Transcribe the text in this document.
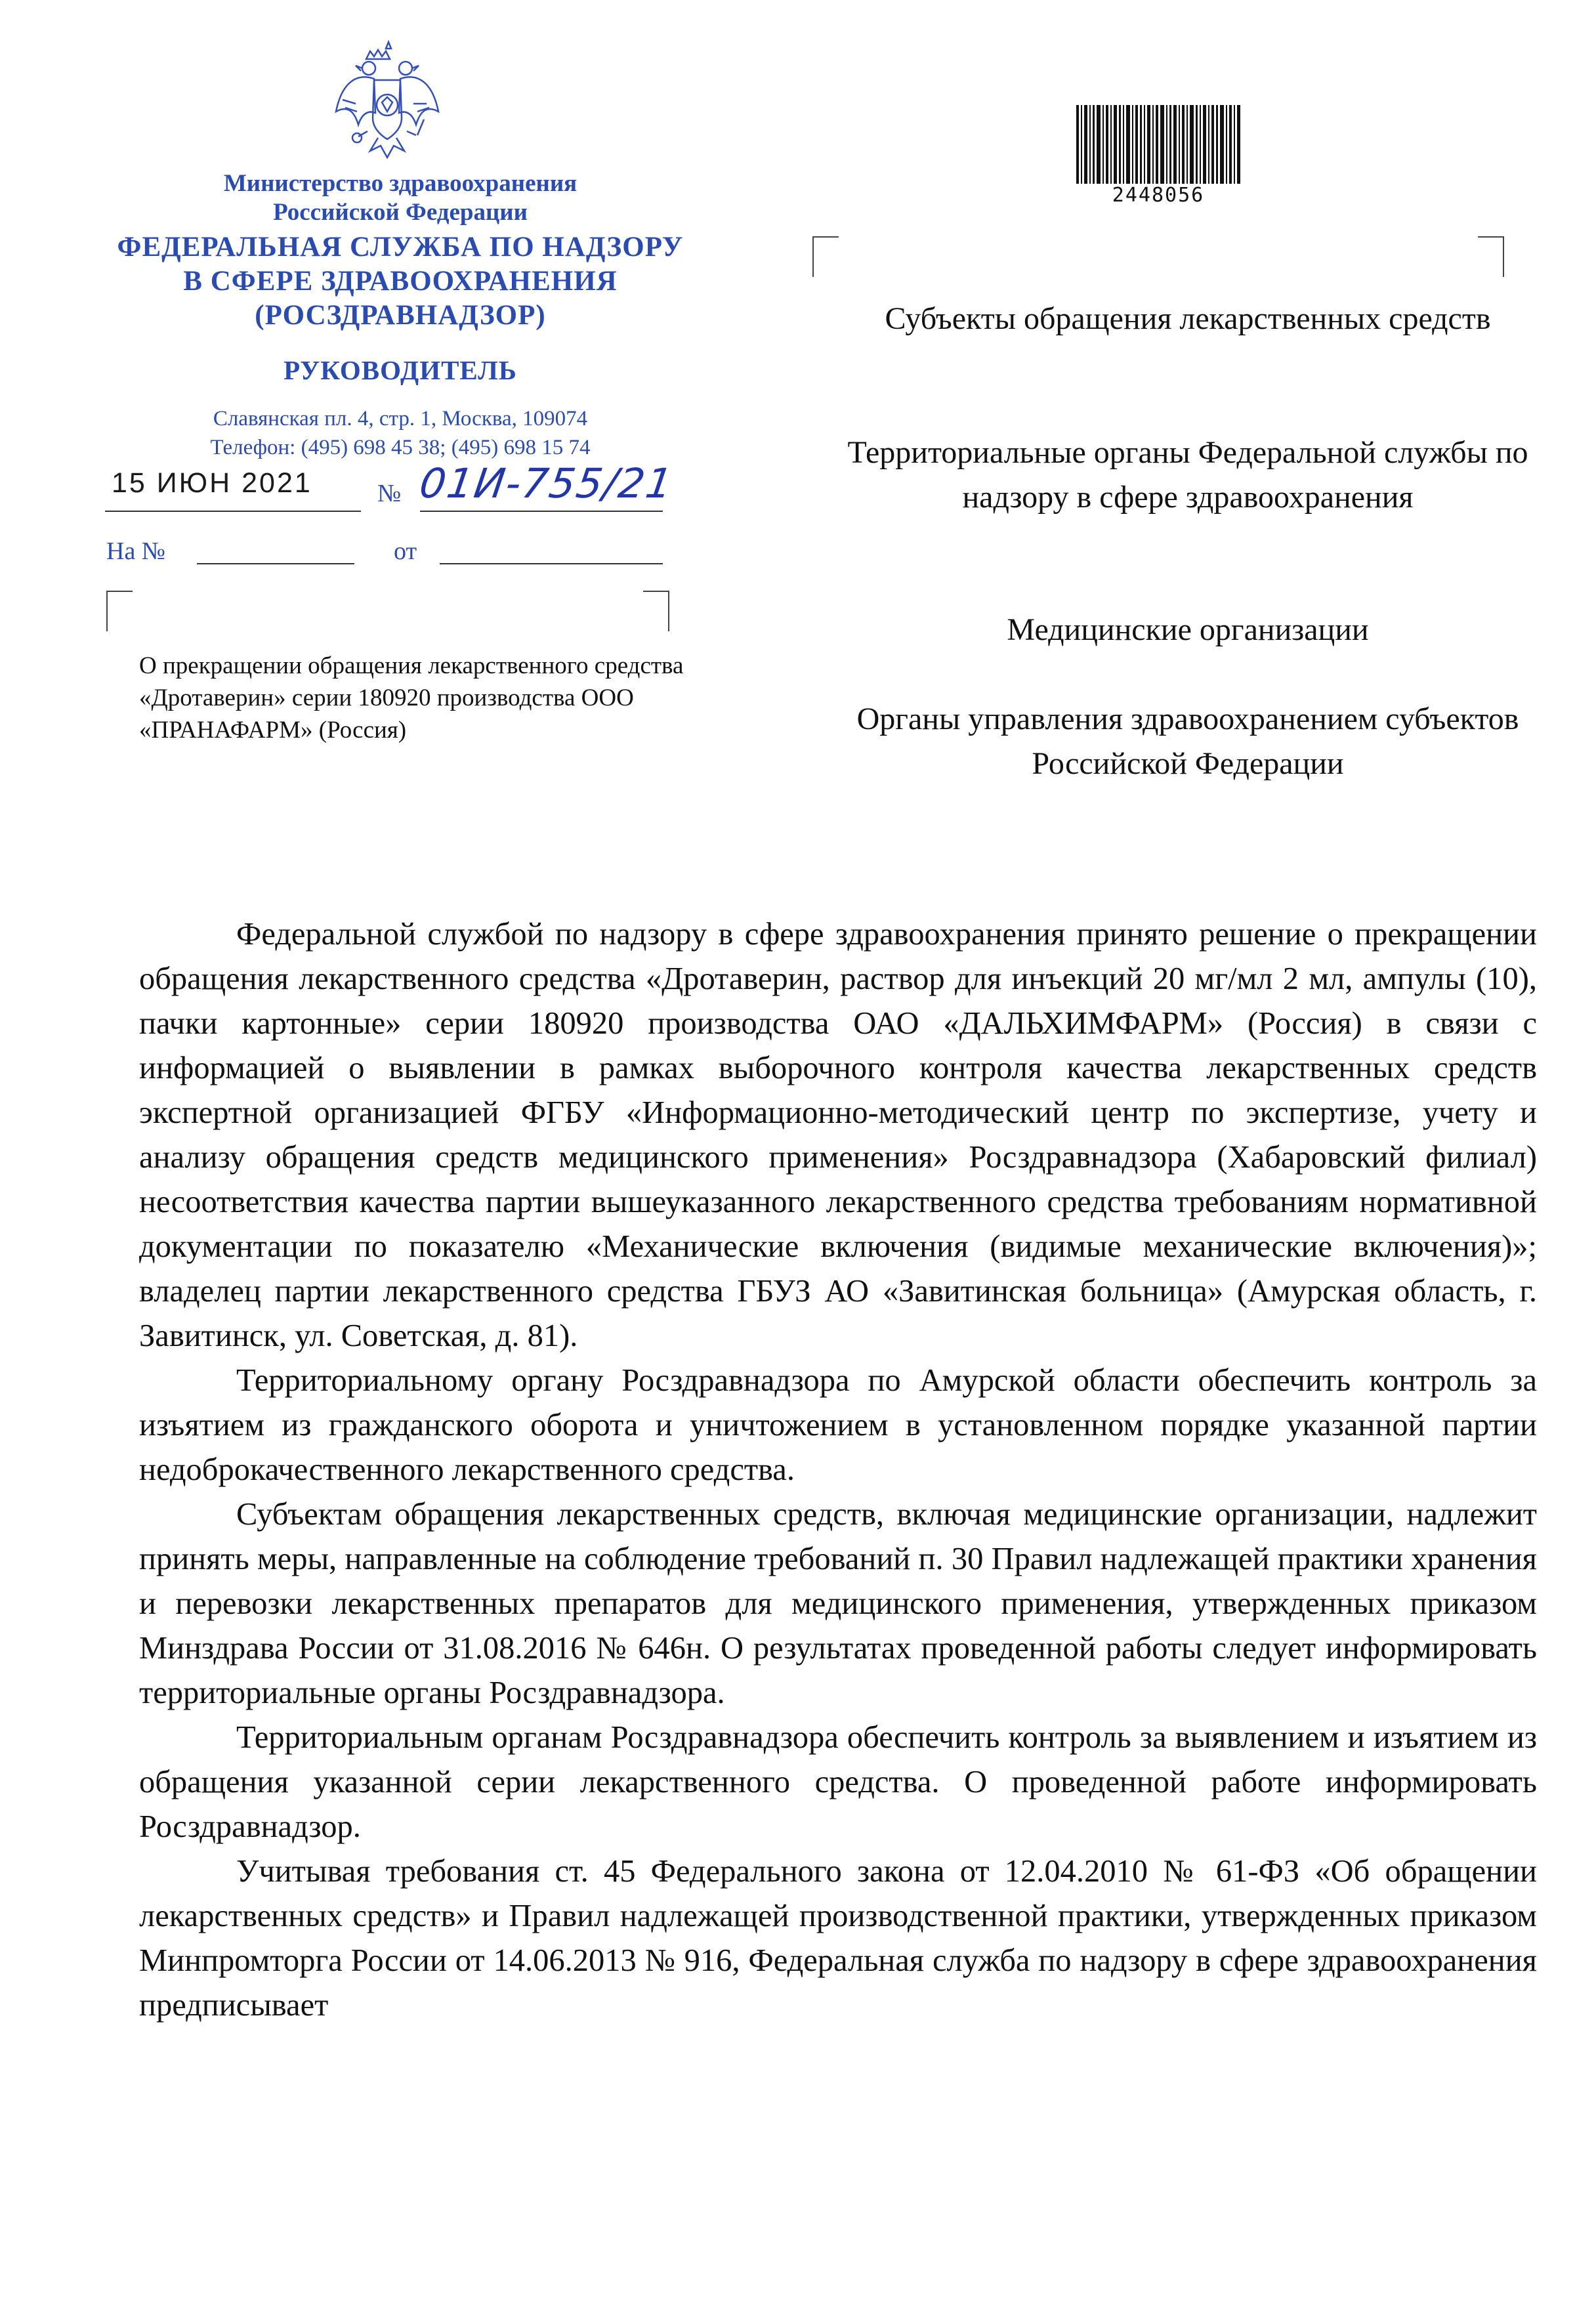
Министерство здравоохранения
Российской Федерации
ФЕДЕРАЛЬНАЯ СЛУЖБА ПО НАДЗОРУ
В СФЕРЕ ЗДРАВООХРАНЕНИЯ
(РОСЗДРАВНАДЗОР)
РУКОВОДИТЕЛЬ
Славянская пл. 4, стр. 1, Москва, 109074
Телефон: (495) 698 45 38; (495) 698 15 74
15 ИЮН 2021	№ 01И-755/21
На №	от
2448056
О прекращении обращения лекарственного средства «Дротаверин» серии 180920 производства ООО «ПРАНАФАРМ» (Россия)
Субъекты обращения лекарственных средств
Территориальные органы Федеральной службы по надзору в сфере здравоохранения
Медицинские организации
Органы управления здравоохранением субъектов Российской Федерации

Федеральной службой по надзору в сфере здравоохранения принято решение о прекращении обращения лекарственного средства «Дротаверин, раствор для инъекций 20 мг/мл 2 мл, ампулы (10), пачки картонные» серии 180920 производства ОАО «ДАЛЬХИМФАРМ» (Россия) в связи с информацией о выявлении в рамках выборочного контроля качества лекарственных средств экспертной организацией ФГБУ «Информационно-методический центр по экспертизе, учету и анализу обращения средств медицинского применения» Росздравнадзора (Хабаровский филиал) несоответствия качества партии вышеуказанного лекарственного средства требованиям нормативной документации по показателю «Механические включения (видимые механические включения)»; владелец партии лекарственного средства ГБУЗ АО «Завитинская больница» (Амурская область, г. Завитинск, ул. Советская, д. 81).

Территориальному органу Росздравнадзора по Амурской области обеспечить контроль за изъятием из гражданского оборота и уничтожением в установленном порядке указанной партии недоброкачественного лекарственного средства.

Субъектам обращения лекарственных средств, включая медицинские организации, надлежит принять меры, направленные на соблюдение требований п. 30 Правил надлежащей практики хранения и перевозки лекарственных препаратов для медицинского применения, утвержденных приказом Минздрава России от 31.08.2016 № 646н. О результатах проведенной работы следует информировать территориальные органы Росздравнадзора.

Территориальным органам Росздравнадзора обеспечить контроль за выявлением и изъятием из обращения указанной серии лекарственного средства. О проведенной работе информировать Росздравнадзор.

Учитывая требования ст. 45 Федерального закона от 12.04.2010 № 61-ФЗ «Об обращении лекарственных средств» и Правил надлежащей производственной практики, утвержденных приказом Минпромторга России от 14.06.2013 № 916, Федеральная служба по надзору в сфере здравоохранения предписывает
